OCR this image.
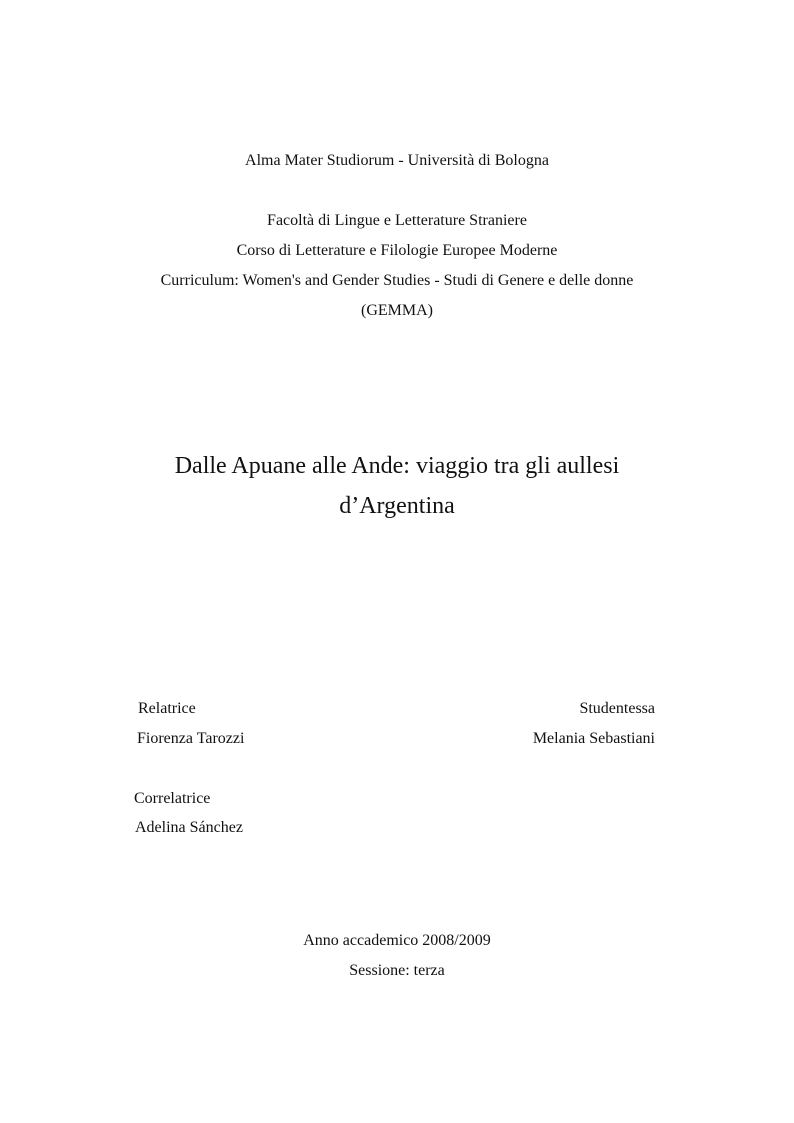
Alma Mater Studiorum - Università di Bologna
Facoltà di Lingue e Letterature Straniere
Corso di Letterature e Filologie Europee Moderne
Curriculum: Women's and Gender Studies - Studi di Genere e delle donne
(GEMMA)
Dalle Apuane alle Ande: viaggio tra gli aullesi
d’Argentina
Relatrice
Fiorenza Tarozzi
Studentessa
Melania Sebastiani
Correlatrice
Adelina Sánchez
Anno accademico 2008/2009
Sessione: terza
